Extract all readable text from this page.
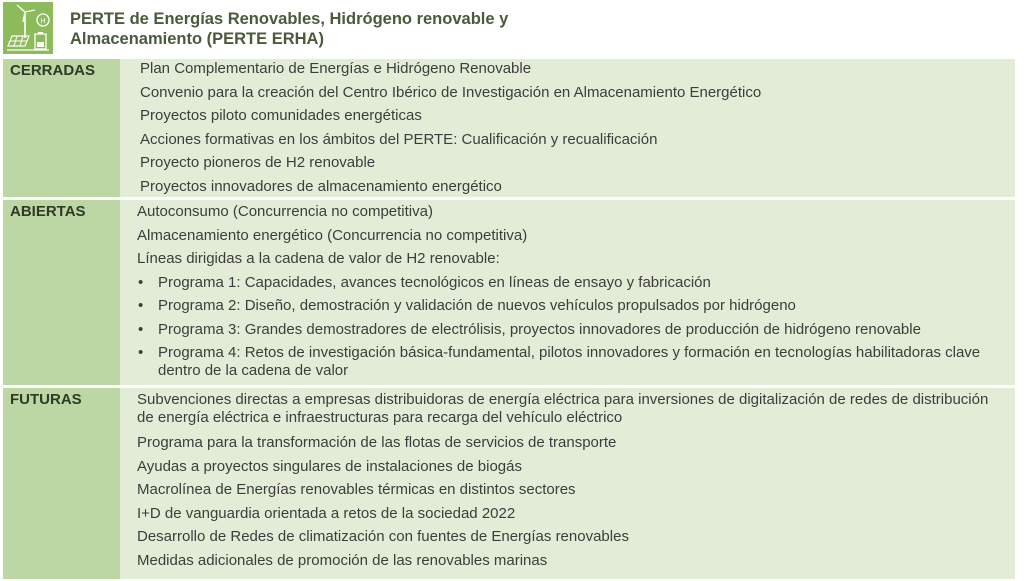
H PERTE de Energías Renovables, Hidrógeno renovable y
Almacenamiento (PERTE ERHA)
CERRADAS	Plan Complementario de Energías e Hidrógeno Renovable
Convenio para la creación del Centro Ibérico de Investigación en Almacenamiento Energético
Proyectos piloto comunidades energéticas
Acciones formativas en los ámbitos del PERTE: Cualificación y recualificación
Proyecto pioneros de H2 renovable
Proyectos innovadores de almacenamiento energético
ABIERTAS	Autoconsumo (Concurrencia no competitiva)
Almacenamiento energético (Concurrencia no competitiva)
Líneas dirigidas a la cadena de valor de H2 renovable:
• Programa 1: Capacidades, avances tecnológicos en líneas de ensayo y fabricación
• Programa 2: Diseño, demostración y validación de nuevos vehículos propulsados por hidrógeno
• Programa 3: Grandes demostradores de electrólisis, proyectos innovadores de producción de hidrógeno renovable
• Programa 4: Retos de investigación básica-fundamental, pilotos innovadores y formación en tecnologías habilitadoras clave dentro de la cadena de valor
FUTURAS	Subvenciones directas a empresas distribuidoras de energía eléctrica para inversiones de digitalización de redes de distribución de energía eléctrica e infraestructuras para recarga del vehículo eléctrico
Programa para la transformación de las flotas de servicios de transporte
Ayudas a proyectos singulares de instalaciones de biogás
Macrolínea de Energías renovables térmicas en distintos sectores
I+D de vanguardia orientada a retos de la sociedad 2022
Desarrollo de Redes de climatización con fuentes de Energías renovables
Medidas adicionales de promoción de las renovables marinas
